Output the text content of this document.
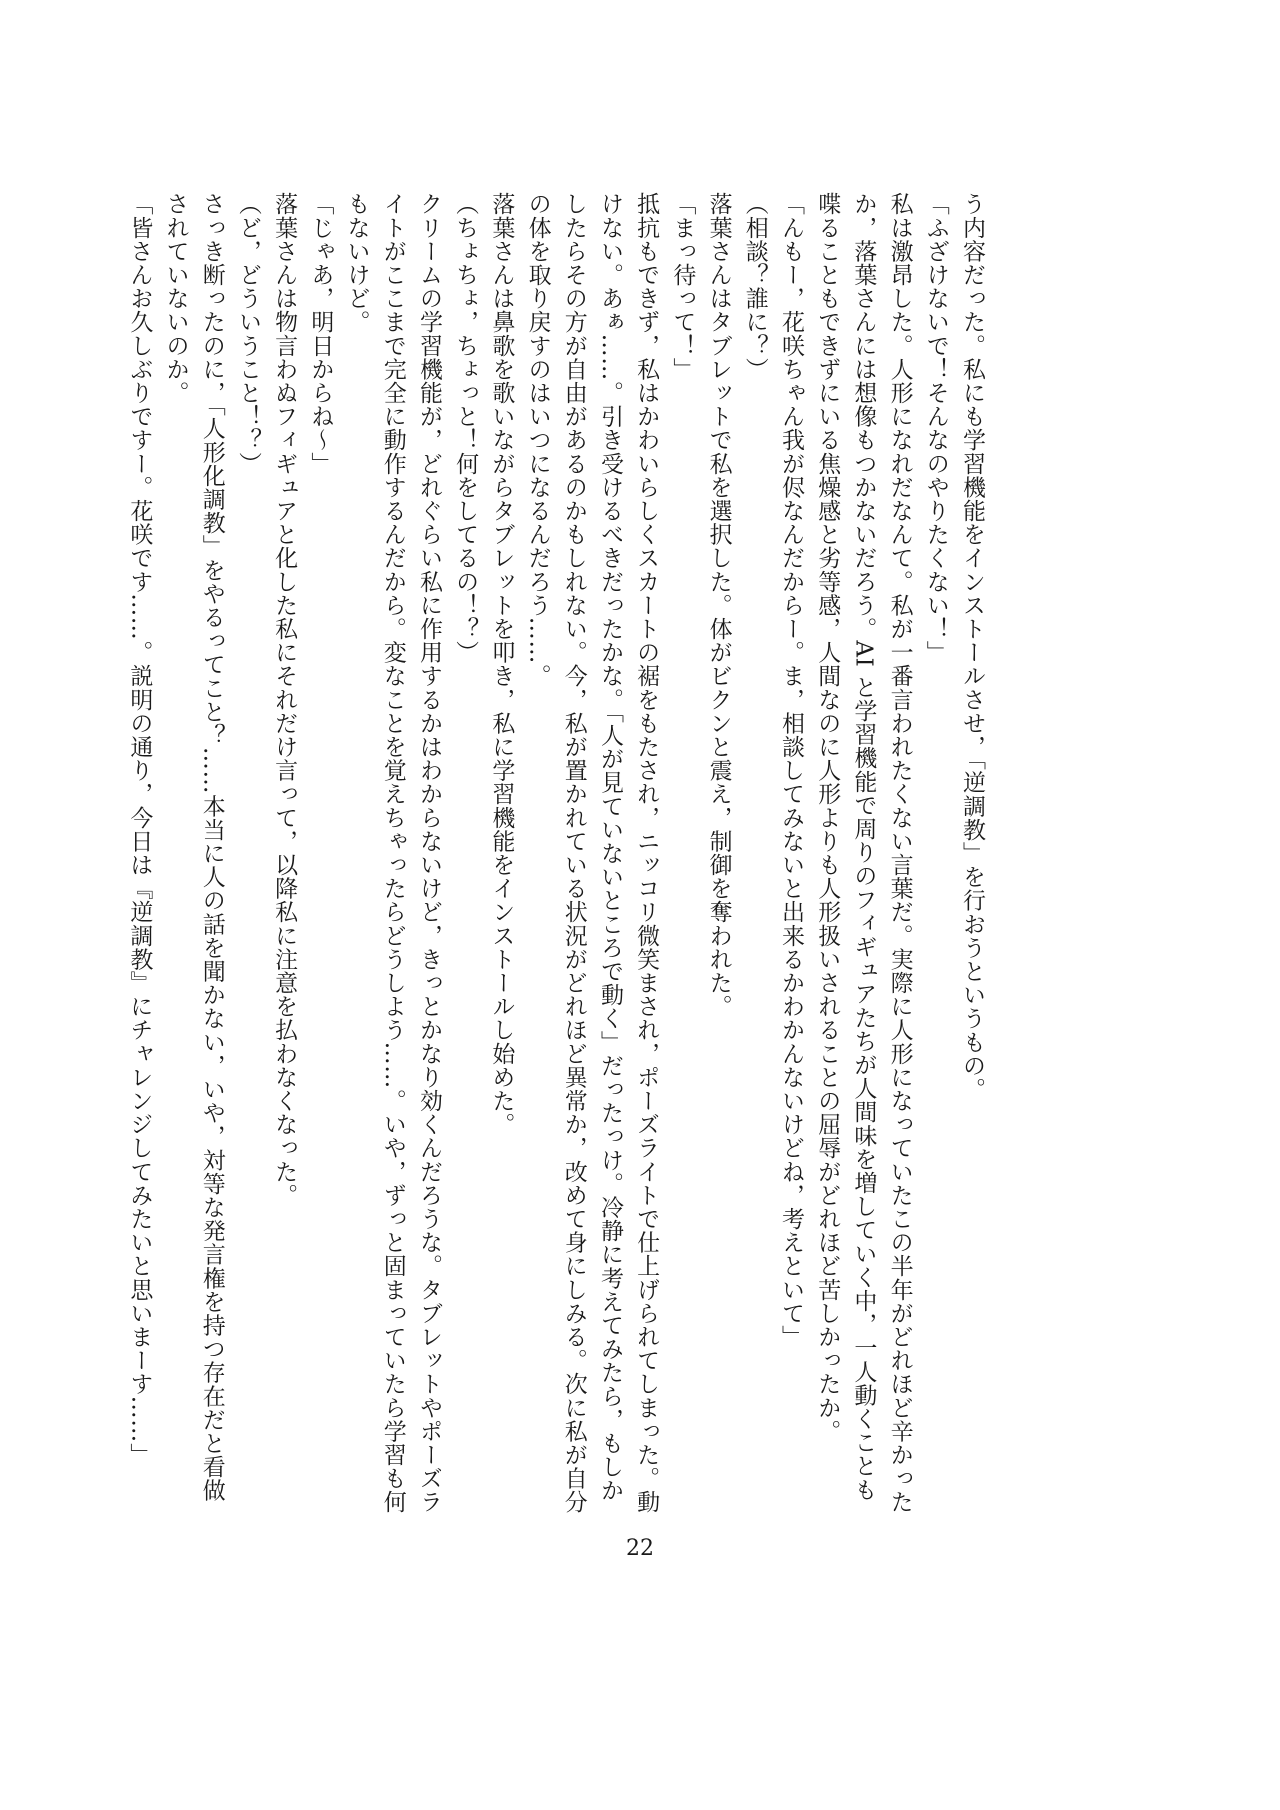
う内容だった。私にも学習機能をインストールさせ，「逆調教」を行おうというもの。

「ふざけないで！そんなのやりたくない！」

私は激昂した。人形になれだなんて。私が一番言われたくない言葉だ。実際に人形になっていたこの半年がどれほど辛かったか，落葉さんには想像もつかないだろう。AI と学習機能で周りのフィギュアたちが人間味を増していく中，一人動くことも喋ることもできずにいる焦燥感と劣等感，人間なのに人形よりも人形扱いされることの屈辱がどれほど苦しかったか。

「んもー，花咲ちゃん我が侭なんだからー。ま，相談してみないと出来るかわかんないけどね，考えといて」

（相談？誰に？）

落葉さんはタブレットで私を選択した。体がビクンと震え，制御を奪われた。

「まっ待って！」

抵抗もできず，私はかわいらしくスカートの裾をもたされ，ニッコリ微笑まされ，ポーズライトで仕上げられてしまった。動けない。あぁ……。引き受けるべきだったかな。「人が見ていないところで動く」だったっけ。冷静に考えてみたら，もしかしたらその方が自由があるのかもしれない。今，私が置かれている状況がどれほど異常か，改めて身にしみる。次に私が自分の体を取り戻すのはいつになるんだろう……。

落葉さんは鼻歌を歌いながらタブレットを叩き，私に学習機能をインストールし始めた。

（ちょちょ，ちょっと！何をしてるの！？）

クリームの学習機能が，どれぐらい私に作用するかはわからないけど，きっとかなり効くんだろうな。タブレットやポーズライトがここまで完全に動作するんだから。変なことを覚えちゃったらどうしよう……。いや，ずっと固まっていたら学習も何もないけど。

「じゃあ，明日からね～」

落葉さんは物言わぬフィギュアと化した私にそれだけ言って，以降私に注意を払わなくなった。

（ど，どういうこと！？）

さっき断ったのに，「人形化調教」をやるってこと？……本当に人の話を聞かない，いや，対等な発言権を持つ存在だと看做されていないのか。

「皆さんお久しぶりですー。花咲です……。説明の通り，今日は『逆調教』にチャレンジしてみたいと思いまーす……」

22
